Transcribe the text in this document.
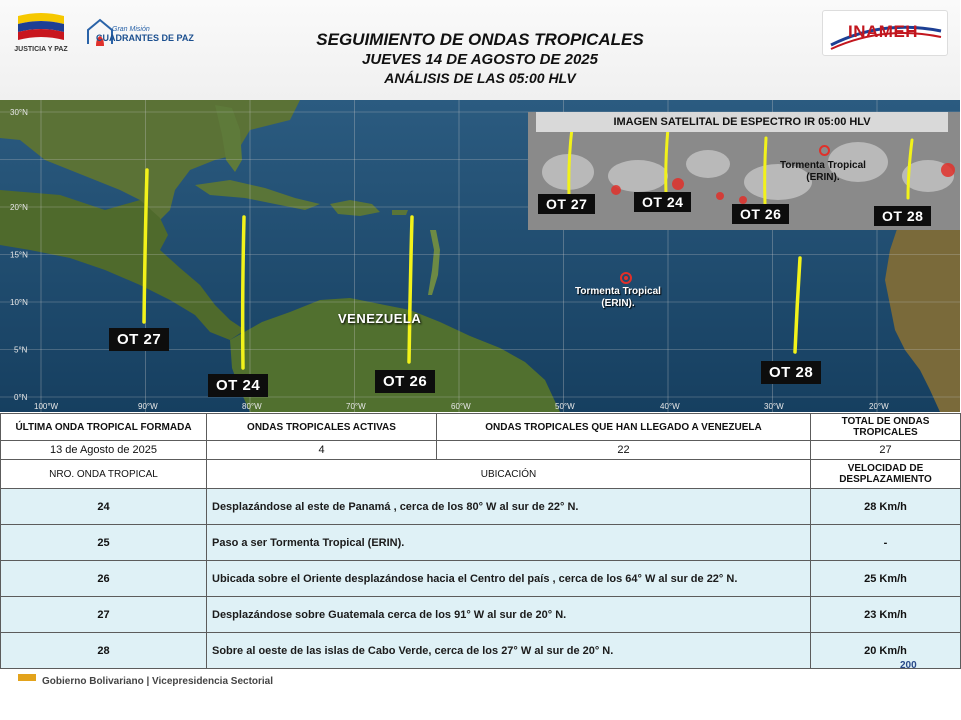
JUSTICIA Y PAZ
Gran Misión
CUADRANTES DE PAZ	SEGUIMIENTO DE ONDAS TROPICALES
JUEVES 14 DE AGOSTO DE 2025
ANÁLISIS DE LAS 05:00 HLV
INAMEH
30°N
20°N
15°N
10°N
5°N
0°N
100°W	90°W	80°W	70°W	60°W	50°W	40°W	30°W	20°W
VENEZUELA
Tormenta Tropical
(ERIN).
OT 27
OT 24	OT 26
OT 28
IMAGEN SATELITAL DE ESPECTRO IR 05:00 HLV
Tormenta Tropical
(ERIN).
OT 27	OT 24
OT 26	OT 28
ÚLTIMA ONDA TROPICAL FORMADA	ONDAS TROPICALES ACTIVAS	ONDAS TROPICALES QUE HAN LLEGADO A VENEZUELA	TOTAL DE ONDAS TROPICALES
13 de Agosto de 2025	4	22	27
NRO. ONDA TROPICAL	UBICACIÓN		VELOCIDAD DE DESPLAZAMIENTO
24	Desplazándose al este de Panamá , cerca de los 80° W al sur de 22° N.		28 Km/h
25	Paso a ser Tormenta Tropical (ERIN).		-
26	Ubicada sobre el Oriente desplazándose hacia el Centro del país , cerca de los 64° W al sur de 22° N.		25 Km/h
27	Desplazándose sobre Guatemala cerca de los 91° W al sur de 20° N.		23 Km/h
28	Sobre al oeste de las islas de Cabo Verde, cerca de los 27° W al sur de 20° N.		20 Km/h
Gobierno Bolivariano | Vicepresidencia Sectorial
200
